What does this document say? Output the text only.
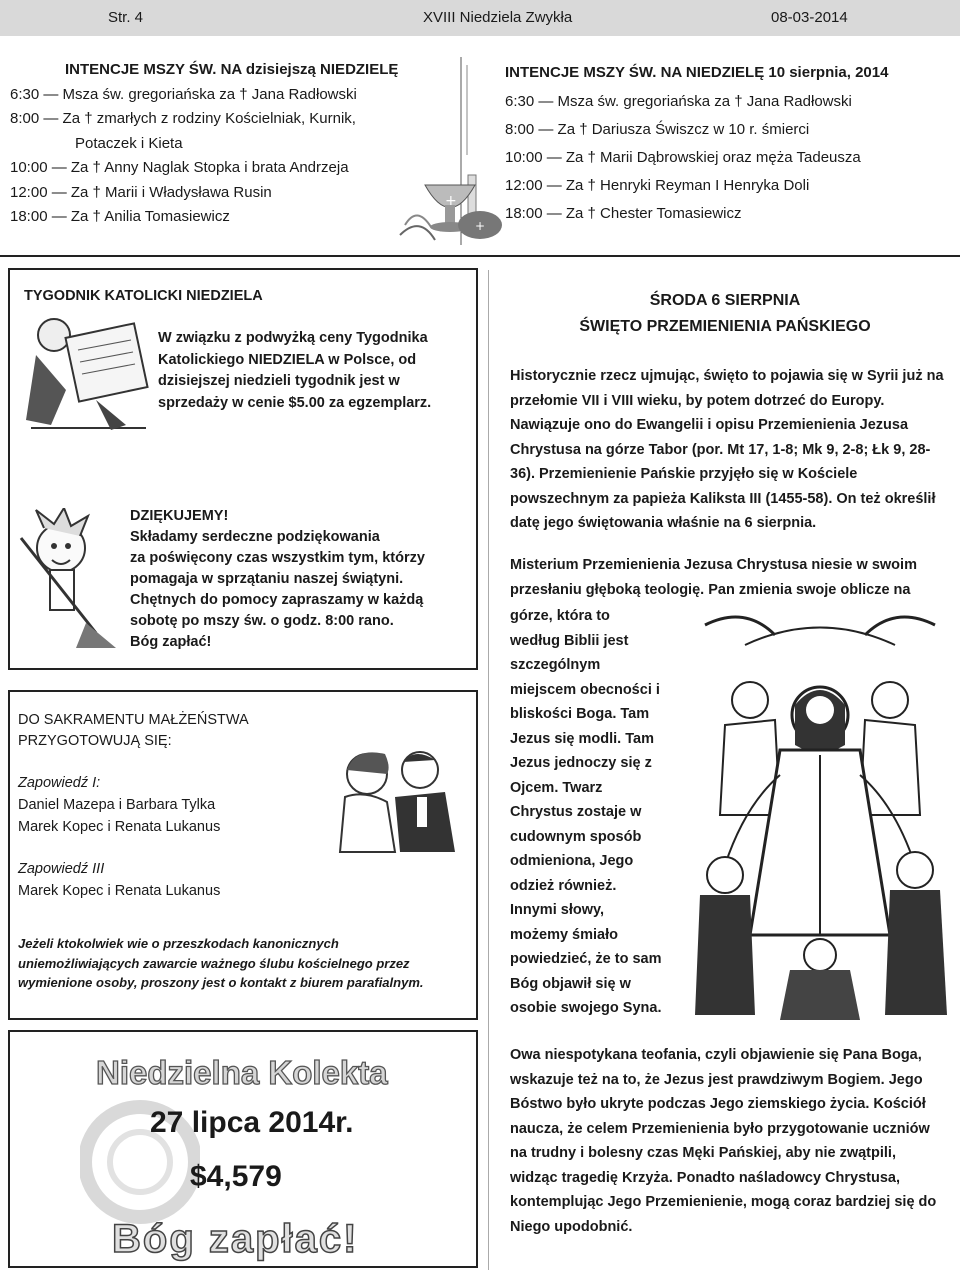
Str. 4	XVIII Niedziela Zwykła	08-03-2014
INTENCJE MSZY ŚW. NA dzisiejszą NIEDZIELĘ
6:30 — Msza św. gregoriańska za † Jana Radłowski
8:00 — Za † zmarłych z rodziny Kościelniak, Kurnik,
Potaczek i Kieta
10:00 — Za † Anny Naglak Stopka i brata Andrzeja
12:00 — Za † Marii i Władysława Rusin
18:00 — Za † Anilia Tomasiewicz
+
+
INTENCJE MSZY ŚW. NA NIEDZIELĘ 10 sierpnia, 2014
6:30 — Msza św. gregoriańska za † Jana Radłowski
8:00 — Za † Dariusza Świszcz w 10 r. śmierci
10:00 — Za † Marii Dąbrowskiej oraz męża Tadeusza
12:00 — Za † Henryki Reyman I Henryka Doli
18:00 — Za † Chester Tomasiewicz
TYGODNIK KATOLICKI NIEDZIELA
W związku z podwyżką ceny Tygodnika Katolickiego NIEDZIELA w Polsce, od dzisiejszej niedzieli tygodnik jest w sprzedaży w cenie $5.00 za egzemplarz.
DZIĘKUJEMY!
Składamy serdeczne podziękowania
za poświęcony czas wszystkim tym, którzy
pomagaja w sprzątaniu naszej świątyni.
Chętnych do pomocy zapraszamy w każdą
sobotę po mszy św. o godz. 8:00 rano.
Bóg zapłać!
DO SAKRAMENTU MAŁŻEŃSTWA
PRZYGOTOWUJĄ SIĘ:
Zapowiedź I:
Daniel Mazepa i Barbara Tylka
Marek Kopec i Renata Lukanus
Zapowiedź III
Marek Kopec i Renata Lukanus
Jeżeli ktokolwiek wie o przeszkodach kanonicznych uniemożliwiających zawarcie ważnego ślubu kościelnego przez wymienione osoby, proszony jest o kontakt z biurem parafialnym.
Niedzielna Kolekta
27 lipca 2014r.
$4,579
Bóg zapłać!
ŚRODA 6 SIERPNIA
ŚWIĘTO PRZEMIENIENIA PAŃSKIEGO
Historycznie rzecz ujmując, święto to pojawia się w Syrii już na przełomie VII i VIII wieku, by potem dotrzeć do Europy. Nawiązuje ono do Ewangelii i opisu Przemienienia Jezusa Chrystusa na górze Tabor (por. Mt 17, 1-8; Mk 9, 2-8; Łk 9, 28-36). Przemienienie Pańskie przyjęło się w Kościele powszechnym za papieża Kaliksta III (1455-58). On też określił datę jego świętowania właśnie na 6 sierpnia.
Misterium Przemienienia Jezusa Chrystusa niesie w swoim przesłaniu głęboką teologię. Pan zmienia swoje oblicze na
górze, która to
według Biblii jest
szczególnym
miejscem obecności i
bliskości Boga. Tam
Jezus się modli. Tam
Jezus jednoczy się z
Ojcem. Twarz
Chrystus zostaje w
cudownym sposób
odmieniona, Jego
odzież również.
Innymi słowy,
możemy śmiało
powiedzieć, że to sam
Bóg objawił się w
osobie swojego Syna.
Owa niespotykana teofania, czyli objawienie się Pana Boga, wskazuje też na to, że Jezus jest prawdziwym Bogiem. Jego Bóstwo było ukryte podczas Jego ziemskiego życia. Kościół naucza, że celem Przemienienia było przygotowanie uczniów na trudny i bolesny czas Męki Pańskiej, aby nie zwątpili, widząc tragedię Krzyża. Ponadto naśladowcy Chrystusa, kontemplując Jego Przemienienie, mogą coraz bardziej się do Niego upodobnić.
